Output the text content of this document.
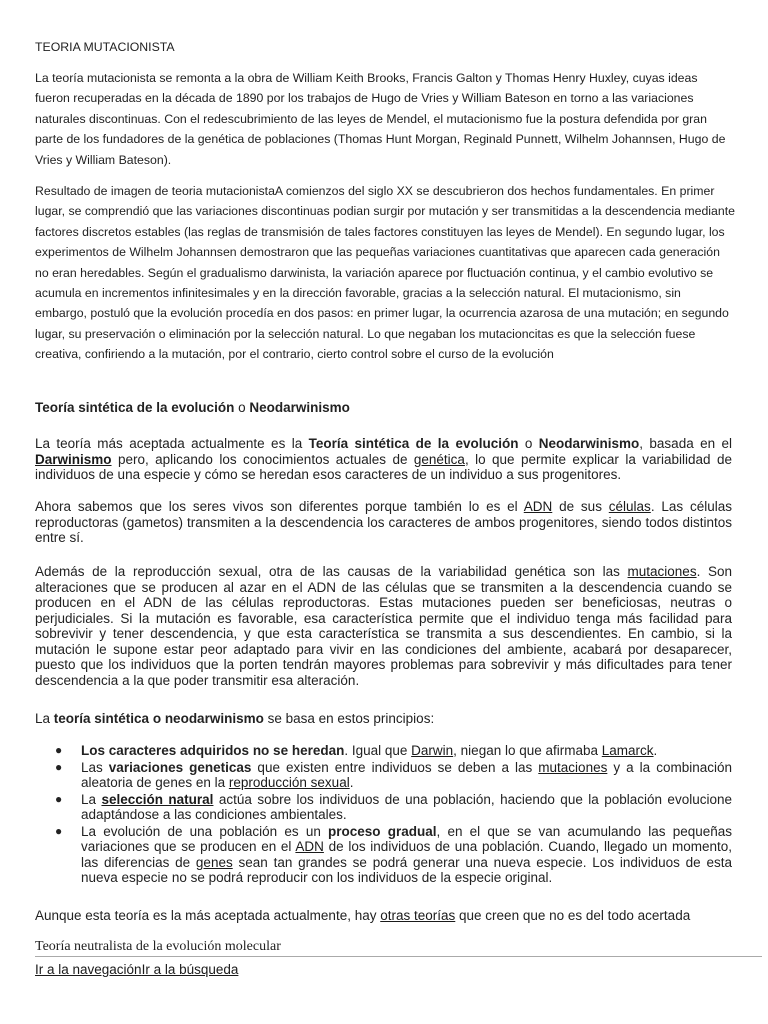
TEORIA MUTACIONISTA
La teoría mutacionista se remonta a la obra de William Keith Brooks, Francis Galton y Thomas Henry Huxley, cuyas ideas fueron recuperadas en la década de 1890 por los trabajos de Hugo de Vries y William Bateson en torno a las variaciones naturales discontinuas. Con el redescubrimiento de las leyes de Mendel, el mutacionismo fue la postura defendida por gran parte de los fundadores de la genética de poblaciones (Thomas Hunt Morgan, Reginald Punnett, Wilhelm Johannsen, Hugo de Vries y William Bateson).
Resultado de imagen de teoria mutacionistaA comienzos del siglo XX se descubrieron dos hechos fundamentales. En primer lugar, se comprendió que las variaciones discontinuas podian surgir por mutación y ser transmitidas a la descendencia mediante factores discretos estables (las reglas de transmisión de tales factores constituyen las leyes de Mendel). En segundo lugar, los experimentos de Wilhelm Johannsen demostraron que las pequeñas variaciones cuantitativas que aparecen cada generación no eran heredables. Según el gradualismo darwinista, la variación aparece por fluctuación continua, y el cambio evolutivo se acumula en incrementos infinitesimales y en la dirección favorable, gracias a la selección natural. El mutacionismo, sin embargo, postuló que la evolución procedía en dos pasos: en primer lugar, la ocurrencia azarosa de una mutación; en segundo lugar, su preservación o eliminación por la selección natural. Lo que negaban los mutacioncitas es que la selección fuese creativa, confiriendo a la mutación, por el contrario, cierto control sobre el curso de la evolución
Teoría sintética de la evolución o Neodarwinismo
La teoría más aceptada actualmente es la Teoría sintética de la evolución o Neodarwinismo, basada en el Darwinismo pero, aplicando los conocimientos actuales de genética, lo que permite explicar la variabilidad de individuos de una especie y cómo se heredan esos caracteres de un individuo a sus progenitores.
Ahora sabemos que los seres vivos son diferentes porque también lo es el ADN de sus células. Las células reproductoras (gametos) transmiten a la descendencia los caracteres de ambos progenitores, siendo todos distintos entre sí.
Además de la reproducción sexual, otra de las causas de la variabilidad genética son las mutaciones. Son alteraciones que se producen al azar en el ADN de las células que se transmiten a la descendencia cuando se producen en el ADN de las células reproductoras. Estas mutaciones pueden ser beneficiosas, neutras o perjudiciales. Si la mutación es favorable, esa característica permite que el individuo tenga más facilidad para sobrevivir y tener descendencia, y que esta característica se transmita a sus descendientes. En cambio, si la mutación le supone estar peor adaptado para vivir en las condiciones del ambiente, acabará por desaparecer, puesto que los individuos que la porten tendrán mayores problemas para sobrevivir y más dificultades para tener descendencia a la que poder transmitir esa alteración.
La teoría sintética o neodarwinismo se basa en estos principios:
● Los caracteres adquiridos no se heredan. Igual que Darwin, niegan lo que afirmaba Lamarck.
● Las variaciones geneticas que existen entre individuos se deben a las mutaciones y a la combinación aleatoria de genes en la reproducción sexual.
● La selección natural actúa sobre los individuos de una población, haciendo que la población evolucione adaptándose a las condiciones ambientales.
● La evolución de una población es un proceso gradual, en el que se van acumulando las pequeñas variaciones que se producen en el ADN de los individuos de una población. Cuando, llegado un momento, las diferencias de genes sean tan grandes se podrá generar una nueva especie. Los individuos de esta nueva especie no se podrá reproducir con los individuos de la especie original.
Aunque esta teoría es la más aceptada actualmente, hay otras teorías que creen que no es del todo acertada
Teoría neutralista de la evolución molecular
Ir a la navegaciónIr a la búsqueda
